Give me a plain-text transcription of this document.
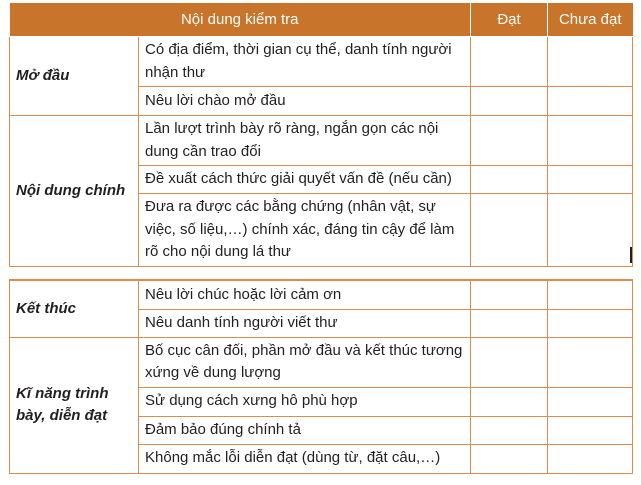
Nội dung kiểm tra		Đạt	Chưa đạt
Mở đầu	Có địa điểm, thời gian cụ thể, danh tính người nhận thư		
	Nêu lời chào mở đầu		
Nội dung chính	Lần lượt trình bày rõ ràng, ngắn gọn các nội dung cần trao đổi		
	Đề xuất cách thức giải quyết vấn đề (nếu cần)		
	Đưa ra được các bằng chứng (nhân vật, sự việc, số liệu,…) chính xác, đáng tin cậy để làm rõ cho nội dung lá thư		
Kết thúc	Nêu lời chúc hoặc lời cảm ơn		
	Nêu danh tính người viết thư		
Kĩ năng trình bày, diễn đạt	Bố cục cân đối, phần mở đầu và kết thúc tương xứng về dung lượng		
	Sử dụng cách xưng hô phù hợp		
	Đảm bảo đúng chính tả		
	Không mắc lỗi diễn đạt (dùng từ, đặt câu,…)		
